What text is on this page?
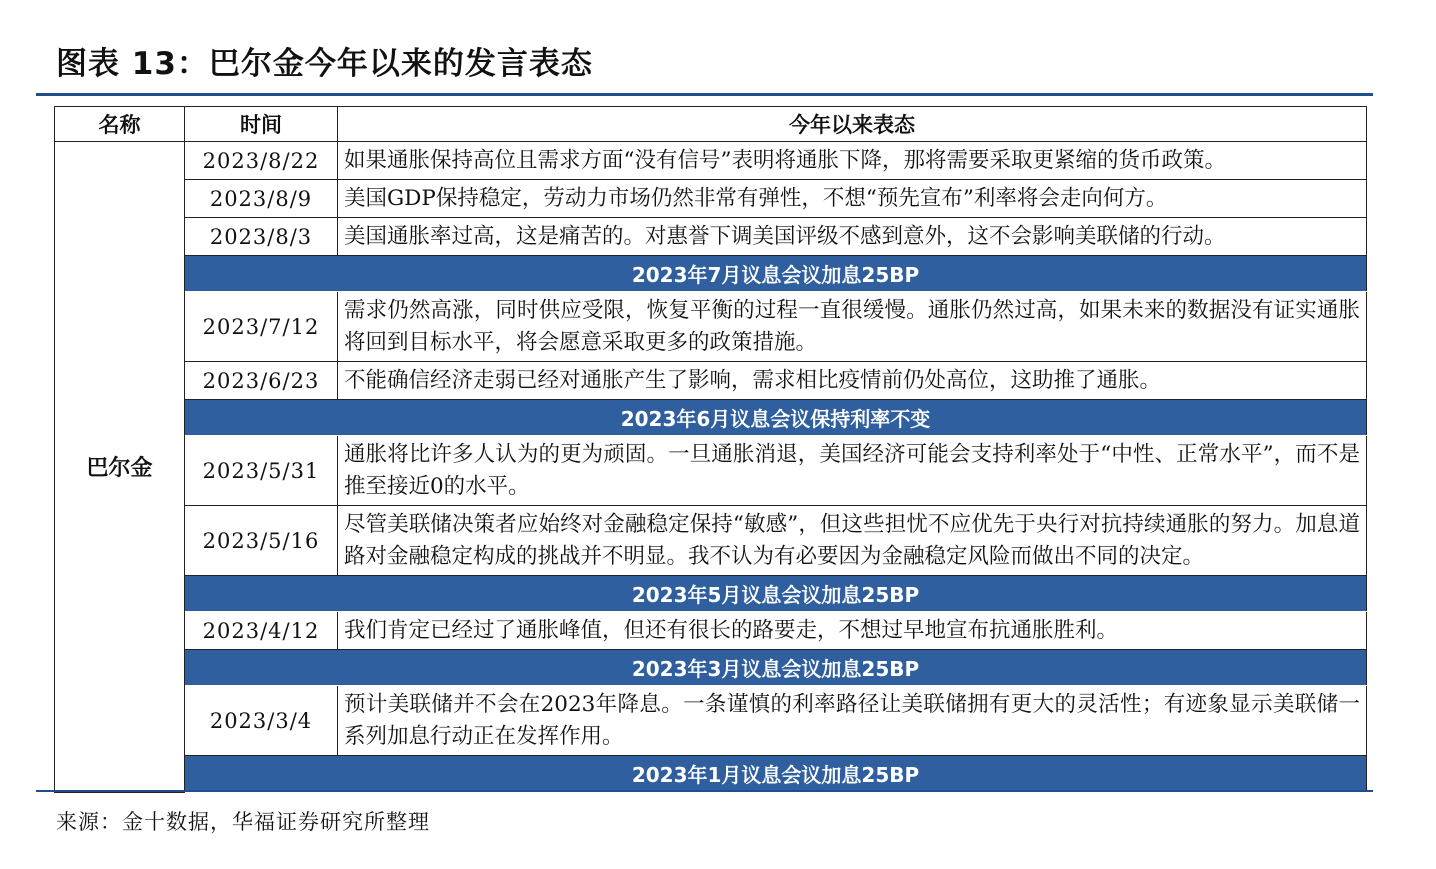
图表 13：巴尔金今年以来的发言表态
名称	时间	今年以来表态
巴尔金	2023/8/22	如果通胀保持高位且需求方面“没有信号”表明将通胀下降，那将需要采取更紧缩的货币政策。
	2023/8/9	美国GDP保持稳定，劳动力市场仍然非常有弹性，不想“预先宣布”利率将会走向何方。
	2023/8/3	美国通胀率过高，这是痛苦的。对惠誉下调美国评级不感到意外，这不会影响美联储的行动。
	2023年7月议息会议加息25BP	
	2023/7/12	需求仍然高涨，同时供应受限，恢复平衡的过程一直很缓慢。通胀仍然过高，如果未来的数据没有证实通胀将回到目标水平，将会愿意采取更多的政策措施。
	2023/6/23	不能确信经济走弱已经对通胀产生了影响，需求相比疫情前仍处高位，这助推了通胀。
	2023年6月议息会议保持利率不变	
	2023/5/31	通胀将比许多人认为的更为顽固。一旦通胀消退，美国经济可能会支持利率处于“中性、正常水平”，而不是推至接近0的水平。
	2023/5/16	尽管美联储决策者应始终对金融稳定保持“敏感”，但这些担忧不应优先于央行对抗持续通胀的努力。加息道路对金融稳定构成的挑战并不明显。我不认为有必要因为金融稳定风险而做出不同的决定。
	2023年5月议息会议加息25BP	
	2023/4/12	我们肯定已经过了通胀峰值，但还有很长的路要走，不想过早地宣布抗通胀胜利。
	2023年3月议息会议加息25BP	
	2023/3/4	预计美联储并不会在2023年降息。一条谨慎的利率路径让美联储拥有更大的灵活性；有迹象显示美联储一系列加息行动正在发挥作用。
	2023年1月议息会议加息25BP	
来源：金十数据，华福证券研究所整理
